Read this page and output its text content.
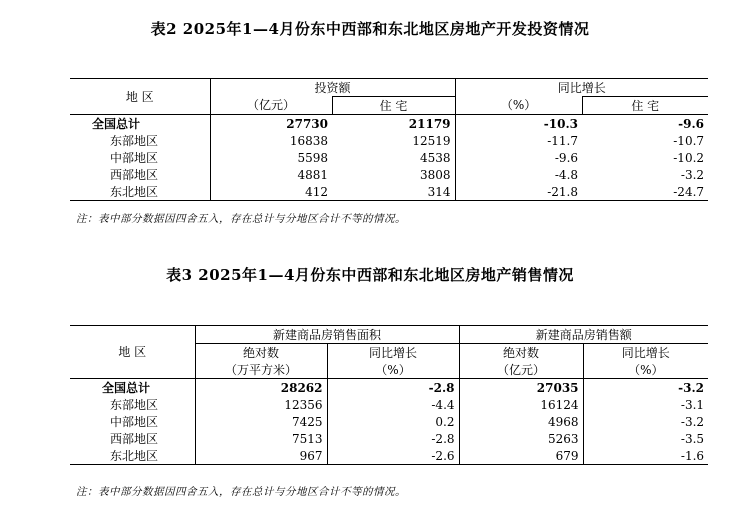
表2 2025年1—4月份东中西部和东北地区房地产开发投资情况
地 区	投资额		同比增长	
	（亿元）	住 宅	（%）	住 宅
全国总计	27730	21179	-10.3	-9.6
东部地区	16838	12519	-11.7	-10.7
中部地区	5598	4538	-9.6	-10.2
西部地区	4881	3808	-4.8	-3.2
东北地区	412	314	-21.8	-24.7
注：表中部分数据因四舍五入，存在总计与分地区合计不等的情况。
表3 2025年1—4月份东中西部和东北地区房地产销售情况
地 区	新建商品房销售面积		新建商品房销售额	
	绝对数	同比增长	绝对数	同比增长
	（万平方米）	（%）	（亿元）	（%）
全国总计	28262	-2.8	27035	-3.2
东部地区	12356	-4.4	16124	-3.1
中部地区	7425	0.2	4968	-3.2
西部地区	7513	-2.8	5263	-3.5
东北地区	967	-2.6	679	-1.6
注：表中部分数据因四舍五入，存在总计与分地区合计不等的情况。
